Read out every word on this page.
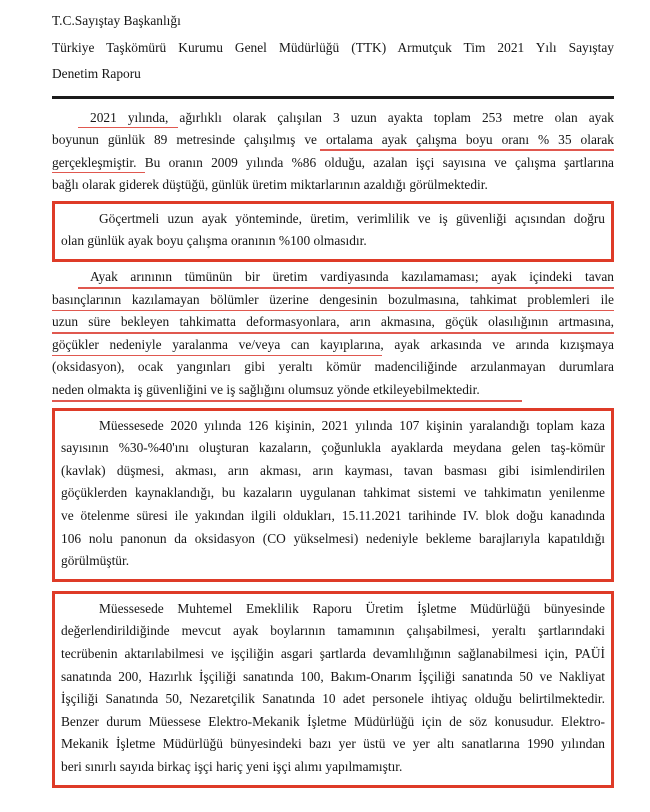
T.C.Sayıştay Başkanlığı
Türkiye Taşkömürü Kurumu Genel Müdürlüğü (TTK) Armutçuk Tim 2021 Yılı Sayıştay
Denetim Raporu
2021 yılında, ağırlıklı olarak çalışılan 3 uzun ayakta toplam 253 metre olan ayak
boyunun günlük 89 metresinde çalışılmış ve ortalama ayak çalışma boyu oranı % 35 olarak
gerçekleşmiştir. Bu oranın 2009 yılında %86 olduğu, azalan işçi sayısına ve çalışma şartlarına
bağlı olarak giderek düştüğü, günlük üretim miktarlarının azaldığı görülmektedir.
Göçertmeli uzun ayak yönteminde, üretim, verimlilik ve iş güvenliği açısından doğru
olan günlük ayak boyu çalışma oranının %100 olmasıdır.
Ayak arınının tümünün bir üretim vardiyasında kazılamaması; ayak içindeki tavan
basınçlarının kazılamayan bölümler üzerine dengesinin bozulmasına, tahkimat problemleri ile
uzun süre bekleyen tahkimatta deformasyonlara, arın akmasına, göçük olasılığının artmasına,
göçükler nedeniyle yaralanma ve/veya can kayıplarına, ayak arkasında ve arında kızışmaya
(oksidasyon), ocak yangınları gibi yeraltı kömür madenciliğinde arzulanmayan durumlara
neden olmakta iş güvenliğini ve iş sağlığını olumsuz yönde etkileyebilmektedir.
Müessesede 2020 yılında 126 kişinin, 2021 yılında 107 kişinin yaralandığı toplam kaza
sayısının %30-%40'ını oluşturan kazaların, çoğunlukla ayaklarda meydana gelen taş-kömür
(kavlak) düşmesi, akması, arın akması, arın kayması, tavan basması gibi isimlendirilen
göçüklerden kaynaklandığı, bu kazaların uygulanan tahkimat sistemi ve tahkimatın yenilenme
ve ötelenme süresi ile yakından ilgili oldukları, 15.11.2021 tarihinde IV. blok doğu kanadında
106 nolu panonun da oksidasyon (CO yükselmesi) nedeniyle bekleme barajlarıyla kapatıldığı
görülmüştür.
Müessesede Muhtemel Emeklilik Raporu Üretim İşletme Müdürlüğü bünyesinde
değerlendirildiğinde mevcut ayak boylarının tamamının çalışabilmesi, yeraltı şartlarındaki
tecrübenin aktarılabilmesi ve işçiliğin asgari şartlarda devamlılığının sağlanabilmesi için, PAÜİ
sanatında 200, Hazırlık İşçiliği sanatında 100, Bakım-Onarım İşçiliği sanatında 50 ve Nakliyat
İşçiliği Sanatında 50, Nezaretçilik Sanatında 10 adet personele ihtiyaç olduğu belirtilmektedir.
Benzer durum Müessese Elektro-Mekanik İşletme Müdürlüğü için de söz konusudur. Elektro-
Mekanik İşletme Müdürlüğü bünyesindeki bazı yer üstü ve yer altı sanatlarına 1990 yılından
beri sınırlı sayıda birkaç işçi hariç yeni işçi alımı yapılmamıştır.
